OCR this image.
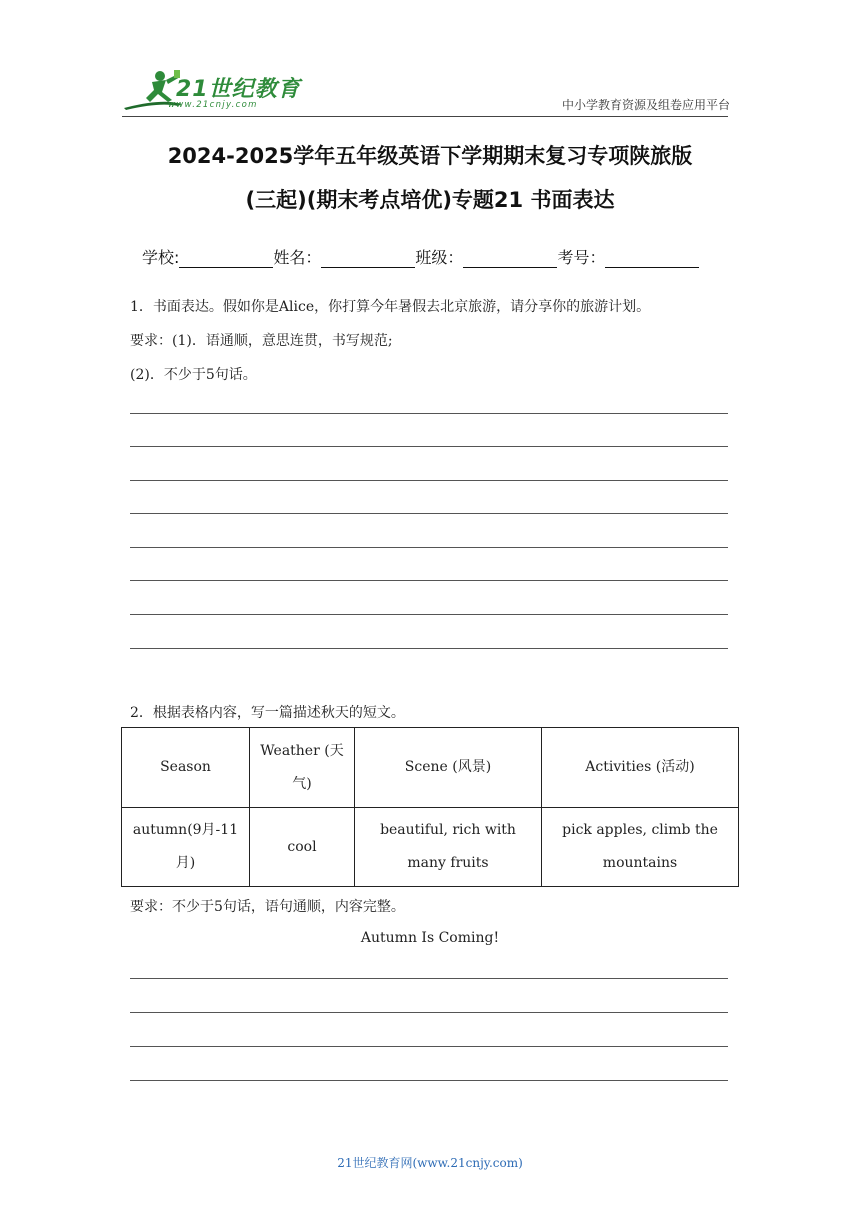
21世纪教育
www.21cnjy.com	中小学教育资源及组卷应用平台
2024-2025学年五年级英语下学期期末复习专项陕旅版
(三起)(期末考点培优)专题21 书面表达
学校:	姓名：	班级：	考号：
1．书面表达。假如你是Alice，你打算今年暑假去北京旅游，请分享你的旅游计划。
要求：(1)．语通顺，意思连贯，书写规范;
(2)．不少于5句话。
2．根据表格内容，写一篇描述秋天的短文。
Season	Weather (天气)	Scene (风景)	Activities (活动)
autumn(9月-11月)	cool	beautiful, rich with many fruits	pick apples, climb the mountains
要求：不少于5句话，语句通顺，内容完整。
Autumn Is Coming!
21世纪教育网(www.21cnjy.com)
